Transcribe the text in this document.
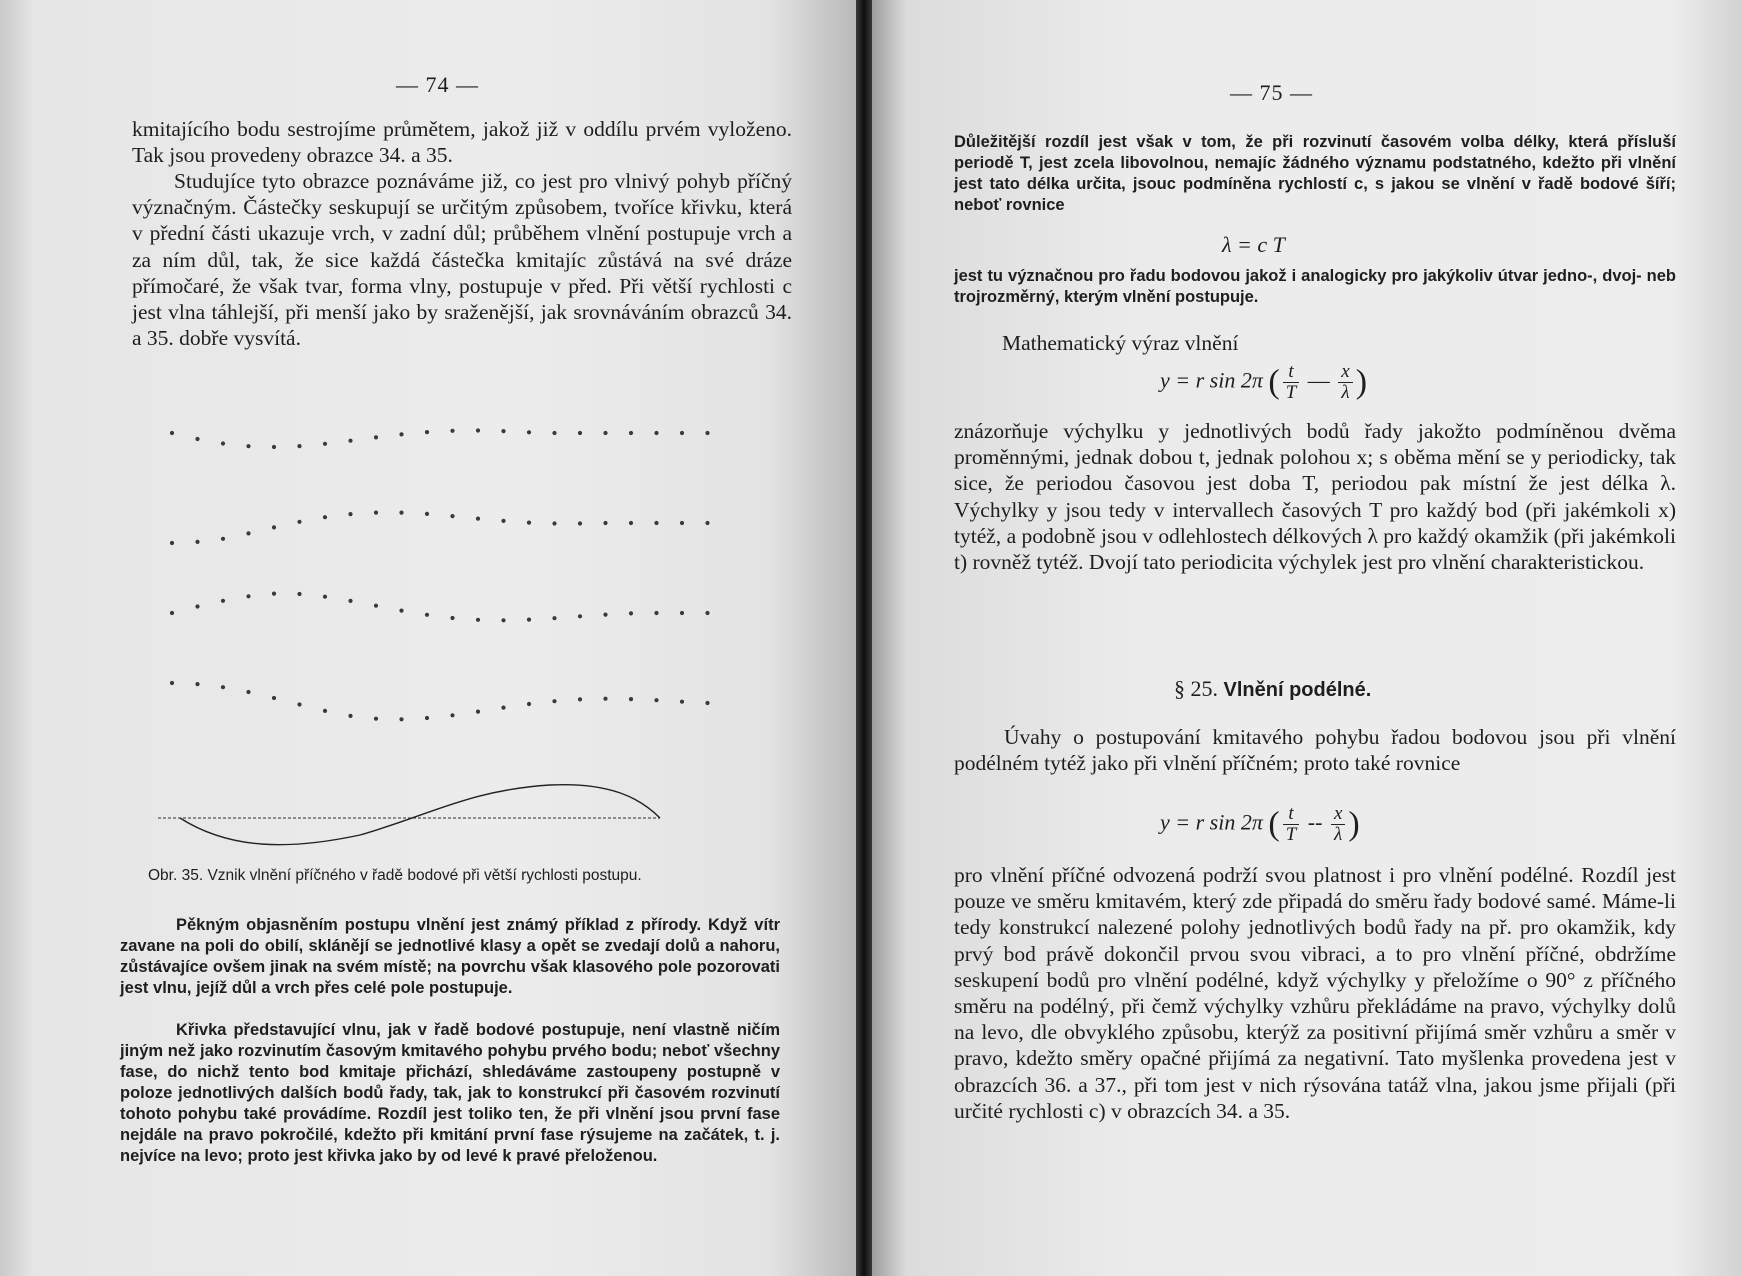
— 74 —

kmitajícího bodu sestrojíme průmětem, jakož již v oddílu prvém vyloženo. Tak jsou provedeny obrazce 34. a 35.

Studujíce tyto obrazce poznáváme již, co jest pro vlnivý pohyb příčný význačným. Částečky seskupují se určitým způsobem, tvoříce křivku, která v přední části ukazuje vrch, v zadní důl; průběhem vlnění postupuje vrch a za ním důl, tak, že sice každá částečka kmitajíc zůstává na své dráze přímočaré, že však tvar, forma vlny, postupuje v před. Při větší rychlosti c jest vlna táhlejší, při menší jako by sraženější, jak srovnáváním obrazců 34. a 35. dobře vysvítá.

Obr. 35. Vznik vlnění příčného v řadě bodové při větší rychlosti postupu.

Pěkným objasněním postupu vlnění jest známý příklad z přírody. Když vítr zavane na poli do obilí, sklánějí se jednotlivé klasy a opět se zvedají dolů a nahoru, zůstávajíce ovšem jinak na svém místě; na povrchu však klasového pole pozorovati jest vlnu, jejíž důl a vrch přes celé pole postupuje.

Křivka představující vlnu, jak v řadě bodové postupuje, není vlastně ničím jiným než jako rozvinutím časovým kmitavého pohybu prvého bodu; neboť všechny fase, do nichž tento bod kmitaje přichází, shledáváme zastoupeny postupně v poloze jednotlivých dalších bodů řady, tak, jak to konstrukcí při časovém rozvinutí tohoto pohybu také provádíme. Rozdíl jest toliko ten, že při vlnění jsou první fase nejdále na pravo pokročilé, kdežto při kmitání první fase rýsujeme na začátek, t. j. nejvíce na levo; proto jest křivka jako by od levé k pravé přeloženou.

— 75 —

Důležitější rozdíl jest však v tom, že při rozvinutí časovém volba délky, která přísluší periodě T, jest zcela libovolnou, nemajíc žádného významu podstatného, kdežto při vlnění jest tato délka určita, jsouc podmíněna rychlostí c, s jakou se vlnění v řadě bodové šíří; neboť rovnice

λ = c T

jest tu význačnou pro řadu bodovou jakož i analogicky pro jakýkoliv útvar jedno-, dvoj- neb trojrozměrný, kterým vlnění postupuje.

Mathematický výraz vlnění

y = r sin 2π ( $\frac{t}{T}$ — $\frac{x}{\lambda}$ )

znázorňuje výchylku y jednotlivých bodů řady jakožto podmíněnou dvěma proměnnými, jednak dobou t, jednak polohou x; s oběma mění se y periodicky, tak sice, že periodou časovou jest doba T, periodou pak místní že jest délka λ. Výchylky y jsou tedy v intervallech časových T pro každý bod (při jakémkoli x) tytéž, a podobně jsou v odlehlostech délkových λ pro každý okamžik (při jakémkoli t) rovněž tytéž. Dvojí tato periodicita výchylek jest pro vlnění charakteristickou.

§ 25. Vlnění podélné.

Úvahy o postupování kmitavého pohybu řadou bodovou jsou při vlnění podélném tytéž jako při vlnění příčném; proto také rovnice

y = r sin 2π ( $\frac{t}{T} -- \frac{x}{\lambda}$ )

pro vlnění příčné odvozená podrží svou platnost i pro vlnění podélné. Rozdíl jest pouze ve směru kmitavém, který zde připadá do směru řady bodové samé. Máme-li tedy konstrukcí nalezené polohy jednotlivých bodů řady na př. pro okamžik, kdy prvý bod právě dokončil prvou svou vibraci, a to pro vlnění příčné, obdržíme seskupení bodů pro vlnění podélné, když výchylky y přeložíme o 90° z příčného směru na podélný, při čemž výchylky vzhůru překládáme na pravo, výchylky dolů na levo, dle obvyklého způsobu, kterýž za positivní přijímá směr vzhůru a směr v pravo, kdežto směry opačné přijímá za negativní. Tato myšlenka provedena jest v obrazcích 36. a 37., při tom jest v nich rýsována tatáž vlna, jakou jsme přijali (při určité rychlosti c) v obrazcích 34. a 35.
